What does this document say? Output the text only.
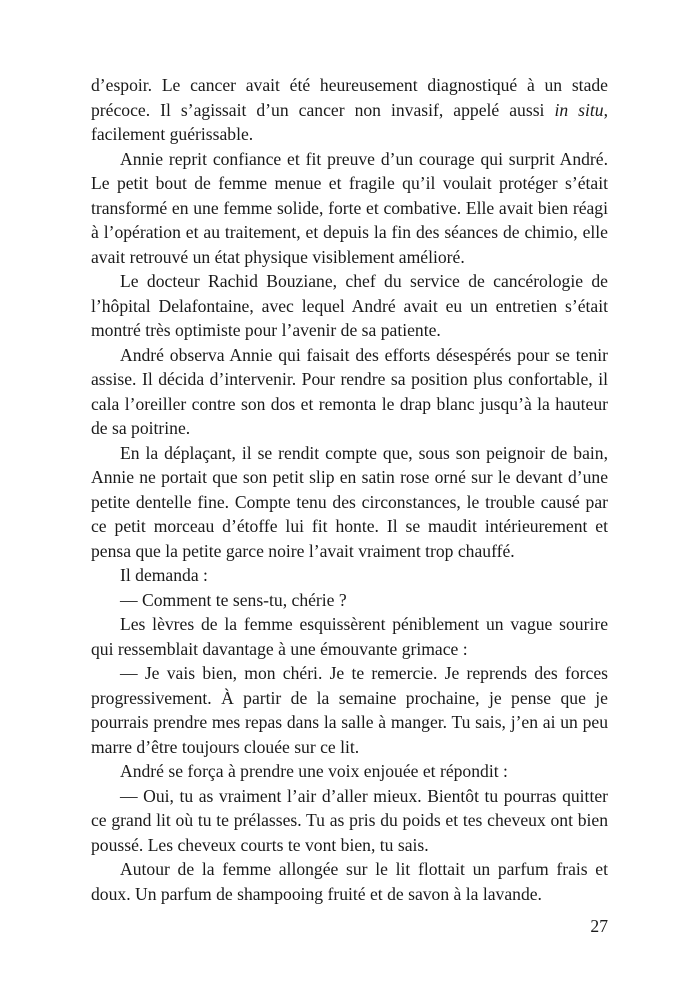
d’espoir. Le cancer avait été heureusement diagnostiqué à un stade précoce. Il s’agissait d’un cancer non invasif, appelé aussi in situ, facilement guérissable.

Annie reprit confiance et fit preuve d’un courage qui surprit André. Le petit bout de femme menue et fragile qu’il voulait protéger s’était transformé en une femme solide, forte et combative. Elle avait bien réagi à l’opération et au traitement, et depuis la fin des séances de chimio, elle avait retrouvé un état physique visiblement amélioré.

Le docteur Rachid Bouziane, chef du service de cancérologie de l’hôpital Delafontaine, avec lequel André avait eu un entretien s’était montré très optimiste pour l’avenir de sa patiente.

André observa Annie qui faisait des efforts désespérés pour se tenir assise. Il décida d’intervenir. Pour rendre sa position plus confortable, il cala l’oreiller contre son dos et remonta le drap blanc jusqu’à la hauteur de sa poitrine.

En la déplaçant, il se rendit compte que, sous son peignoir de bain, Annie ne portait que son petit slip en satin rose orné sur le devant d’une petite dentelle fine. Compte tenu des circonstances, le trouble causé par ce petit morceau d’étoffe lui fit honte. Il se maudit intérieurement et pensa que la petite garce noire l’avait vraiment trop chauffé.

Il demanda :

— Comment te sens-tu, chérie ?

Les lèvres de la femme esquissèrent péniblement un vague sourire qui ressemblait davantage à une émouvante grimace :

— Je vais bien, mon chéri. Je te remercie. Je reprends des forces progressivement. À partir de la semaine prochaine, je pense que je pourrais prendre mes repas dans la salle à manger. Tu sais, j’en ai un peu marre d’être toujours clouée sur ce lit.

André se força à prendre une voix enjouée et répondit :

— Oui, tu as vraiment l’air d’aller mieux. Bientôt tu pourras quitter ce grand lit où tu te prélasses. Tu as pris du poids et tes cheveux ont bien poussé. Les cheveux courts te vont bien, tu sais.

Autour de la femme allongée sur le lit flottait un parfum frais et doux. Un parfum de shampooing fruité et de savon à la lavande.

27
